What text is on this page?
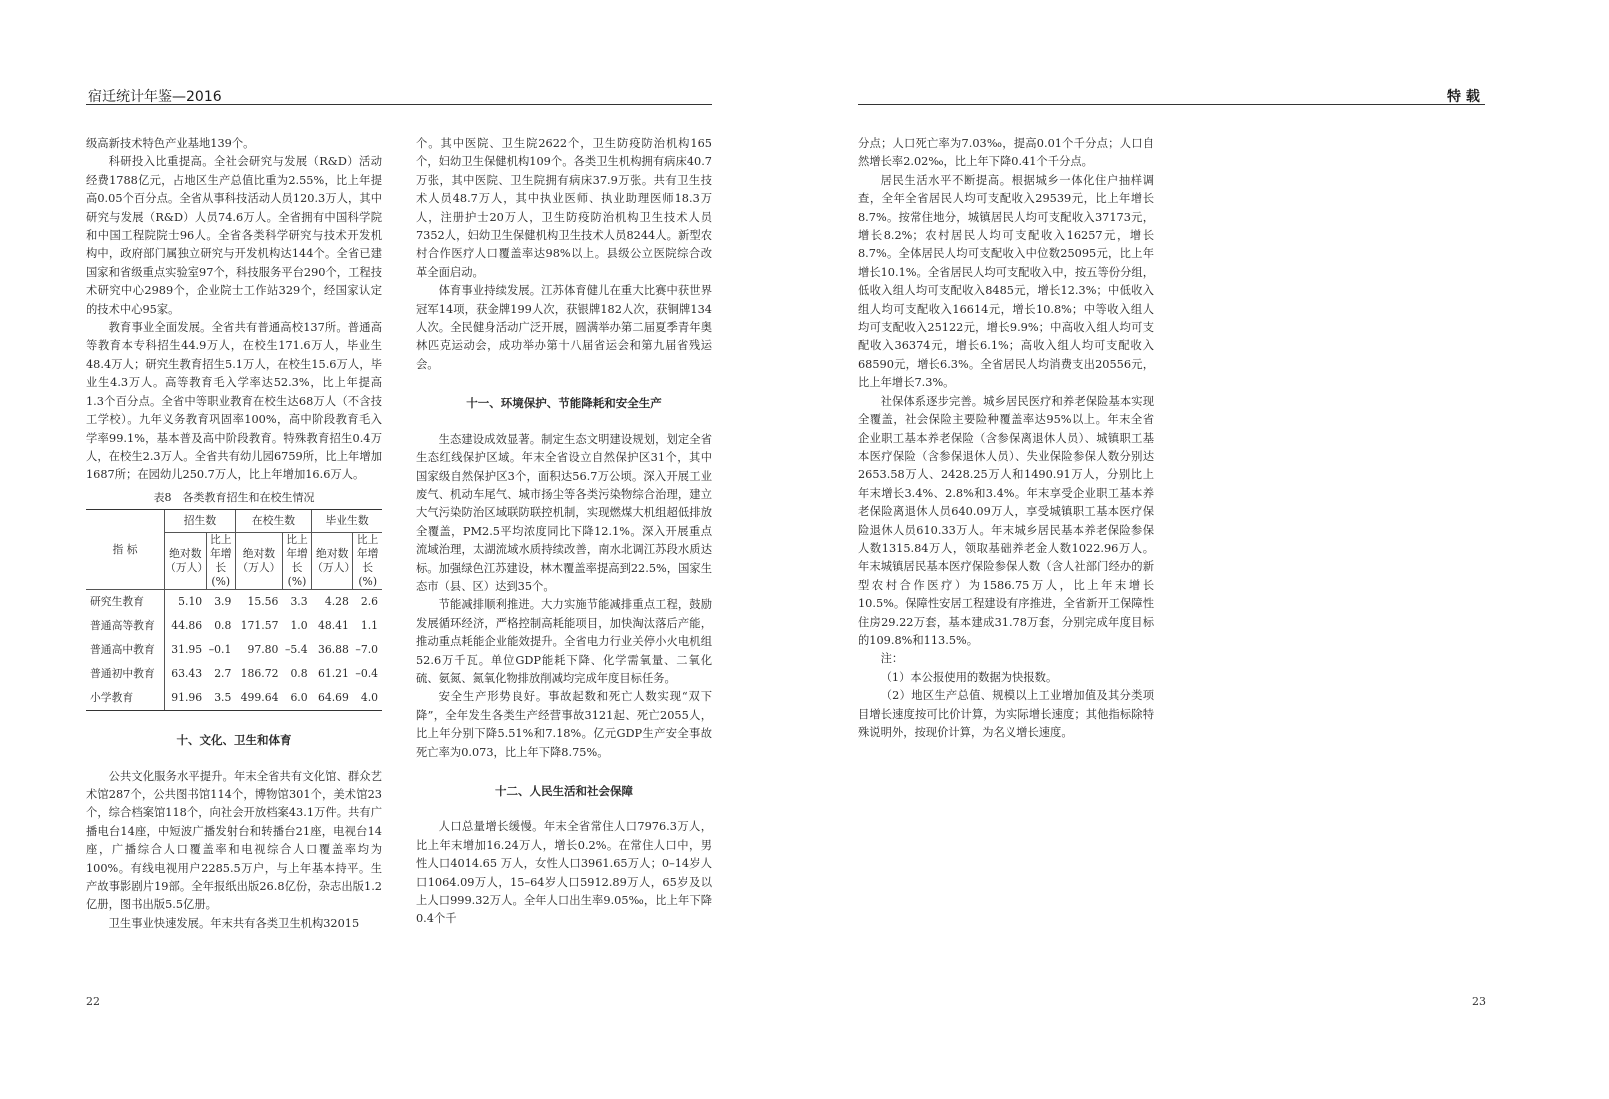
宿迁统计年鉴—2016	特 载

级高新技术特色产业基地139个。

科研投入比重提高。全社会研究与发展（R&D）活动经费1788亿元，占地区生产总值比重为2.55%，比上年提高0.05个百分点。全省从事科技活动人员120.3万人，其中研究与发展（R&D）人员74.6万人。全省拥有中国科学院和中国工程院院士96人。全省各类科学研究与技术开发机构中，政府部门属独立研究与开发机构达144个。全省已建国家和省级重点实验室97个，科技服务平台290个，工程技术研究中心2989个，企业院士工作站329个，经国家认定的技术中心95家。

教育事业全面发展。全省共有普通高校137所。普通高等教育本专科招生44.9万人，在校生171.6万人，毕业生48.4万人；研究生教育招生5.1万人，在校生15.6万人，毕业生4.3万人。高等教育毛入学率达52.3%，比上年提高1.3个百分点。全省中等职业教育在校生达68万人（不含技工学校）。九年义务教育巩固率100%，高中阶段教育毛入学率99.1%，基本普及高中阶段教育。特殊教育招生0.4万人，在校生2.3万人。全省共有幼儿园6759所，比上年增加1687所；在园幼儿250.7万人，比上年增加16.6万人。

表8　各类教育招生和在校生情况
指 标	招生数		在校生数		毕业生数	
	绝对数（万人）	比上年增长(%)	绝对数（万人）	比上年增长(%)	绝对数（万人）	比上年增长(%)
研究生教育	5.10	3.9	15.56	3.3	4.28	2.6
普通高等教育	44.86	0.8	171.57	1.0	48.41	1.1
普通高中教育	31.95	–0.1	97.80	–5.4	36.88	–7.0
普通初中教育	63.43	2.7	186.72	0.8	61.21	–0.4
小学教育	91.96	3.5	499.64	6.0	64.69	4.0
十、文化、卫生和体育

公共文化服务水平提升。年末全省共有文化馆、群众艺术馆287个，公共图书馆114个，博物馆301个，美术馆23个，综合档案馆118个，向社会开放档案43.1万件。共有广播电台14座，中短波广播发射台和转播台21座，电视台14座，广播综合人口覆盖率和电视综合人口覆盖率均为100%。有线电视用户2285.5万户，与上年基本持平。生产故事影剧片19部。全年报纸出版26.8亿份，杂志出版1.2亿册，图书出版5.5亿册。

卫生事业快速发展。年末共有各类卫生机构32015

个。其中医院、卫生院2622个，卫生防疫防治机构165个，妇幼卫生保健机构109个。各类卫生机构拥有病床40.7万张，其中医院、卫生院拥有病床37.9万张。共有卫生技术人员48.7万人，其中执业医师、执业助理医师18.3万人，注册护士20万人，卫生防疫防治机构卫生技术人员7352人，妇幼卫生保健机构卫生技术人员8244人。新型农村合作医疗人口覆盖率达98%以上。县级公立医院综合改革全面启动。

体育事业持续发展。江苏体育健儿在重大比赛中获世界冠军14项，获金牌199人次，获银牌182人次，获铜牌134人次。全民健身活动广泛开展，圆满举办第二届夏季青年奥林匹克运动会，成功举办第十八届省运会和第九届省残运会。

十一、环境保护、节能降耗和安全生产

生态建设成效显著。制定生态文明建设规划，划定全省生态红线保护区域。年末全省设立自然保护区31个，其中国家级自然保护区3个，面积达56.7万公顷。深入开展工业废气、机动车尾气、城市扬尘等各类污染物综合治理，建立大气污染防治区域联防联控机制，实现燃煤大机组超低排放全覆盖，PM2.5平均浓度同比下降12.1%。深入开展重点流域治理，太湖流域水质持续改善，南水北调江苏段水质达标。加强绿色江苏建设，林木覆盖率提高到22.5%，国家生态市（县、区）达到35个。

节能减排顺利推进。大力实施节能减排重点工程，鼓励发展循环经济，严格控制高耗能项目，加快淘汰落后产能，推动重点耗能企业能效提升。全省电力行业关停小火电机组52.6万千瓦。单位GDP能耗下降、化学需氧量、二氧化硫、氨氮、氮氧化物排放削减均完成年度目标任务。

安全生产形势良好。事故起数和死亡人数实现“双下降”，全年发生各类生产经营事故3121起、死亡2055人，比上年分别下降5.51%和7.18%。亿元GDP生产安全事故死亡率为0.073，比上年下降8.75%。

十二、人民生活和社会保障

人口总量增长缓慢。年末全省常住人口7976.3万人，比上年末增加16.24万人，增长0.2%。在常住人口中，男性人口4014.65 万人，女性人口3961.65万人；0–14岁人口1064.09万人，15–64岁人口5912.89万人，65岁及以上人口999.32万人。全年人口出生率9.05‰，比上年下降0.4个千

分点；人口死亡率为7.03‰，提高0.01个千分点；人口自然增长率2.02‰，比上年下降0.41个千分点。

居民生活水平不断提高。根据城乡一体化住户抽样调查，全年全省居民人均可支配收入29539元，比上年增长8.7%。按常住地分，城镇居民人均可支配收入37173元，增长8.2%；农村居民人均可支配收入16257元，增长8.7%。全体居民人均可支配收入中位数25095元，比上年增长10.1%。全省居民人均可支配收入中，按五等份分组，低收入组人均可支配收入8485元，增长12.3%；中低收入组人均可支配收入16614元，增长10.8%；中等收入组人均可支配收入25122元，增长9.9%；中高收入组人均可支配收入36374元，增长6.1%；高收入组人均可支配收入68590元，增长6.3%。全省居民人均消费支出20556元，比上年增长7.3%。

社保体系逐步完善。城乡居民医疗和养老保险基本实现全覆盖，社会保险主要险种覆盖率达95%以上。年末全省企业职工基本养老保险（含参保离退休人员）、城镇职工基本医疗保险（含参保退休人员）、失业保险参保人数分别达2653.58万人、2428.25万人和1490.91万人，分别比上年末增长3.4%、2.8%和3.4%。年末享受企业职工基本养老保险离退休人员640.09万人，享受城镇职工基本医疗保险退休人员610.33万人。年末城乡居民基本养老保险参保人数1315.84万人，领取基础养老金人数1022.96万人。年末城镇居民基本医疗保险参保人数（含人社部门经办的新型农村合作医疗）为1586.75万人，比上年末增长10.5%。保障性安居工程建设有序推进，全省新开工保障性住房29.22万套，基本建成31.78万套，分别完成年度目标的109.8%和113.5%。

注：

（1）本公报使用的数据为快报数。

（2）地区生产总值、规模以上工业增加值及其分类项目增长速度按可比价计算，为实际增长速度；其他指标除特殊说明外，按现价计算，为名义增长速度。

22	23
